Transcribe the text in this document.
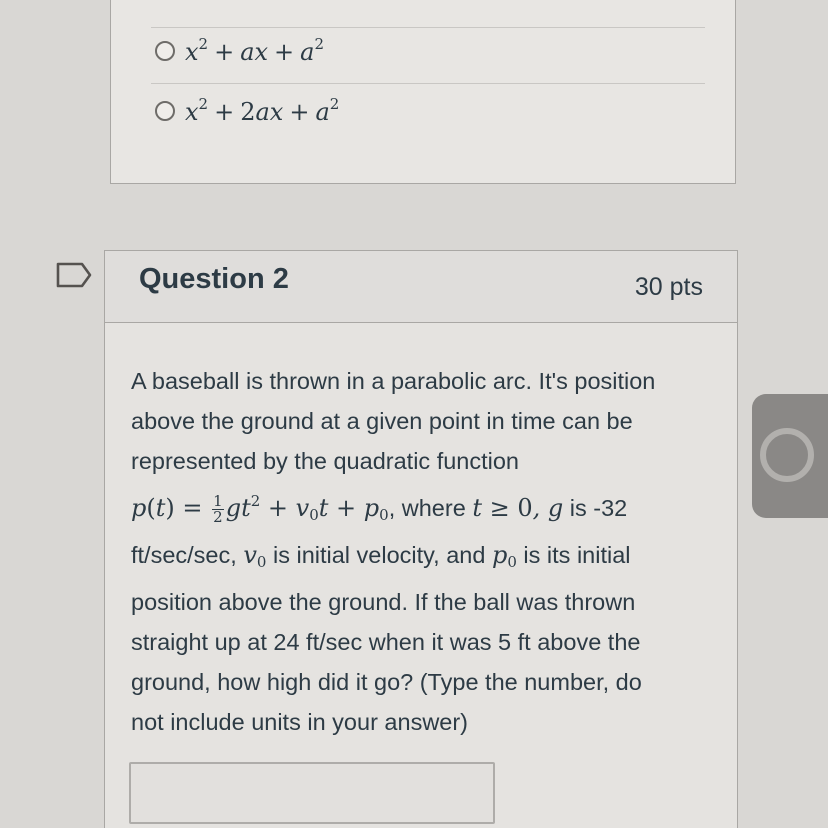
$x^2$ + ax + $a^2$
$x^2 + 2ax + a^2$
Question 2	30 pts
A baseball is thrown in a parabolic arc. It's position
above the ground at a given point in time can be
represented by the quadratic function
$p(t) = \frac{1}{2} gt^2 + v_0t + p_0$, where t ≥ 0, g is -32
ft/sec/sec, $v_0$ is initial velocity, and $p_0$ is its initial
position above the ground. If the ball was thrown
straight up at 24 ft/sec when it was 5 ft above the
ground, how high did it go? (Type the number, do
not include units in your answer)
